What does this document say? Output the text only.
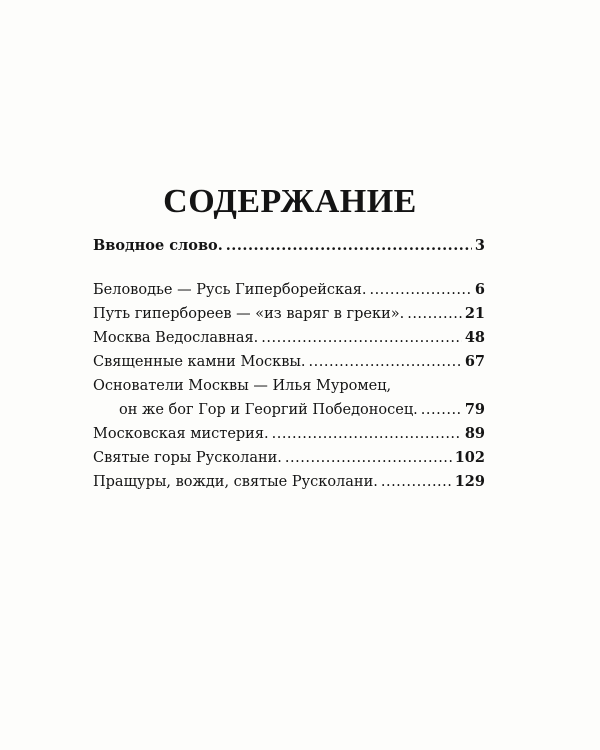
СОДЕРЖАНИЕ
Вводное слово. .....	3
Беловодье — Русь Гиперборейская. .....	6
Путь гипербореев — «из варяг в греки». .....	21
Москва Ведославная. .....	48
Священные камни Москвы. .....	67
Основатели Москвы — Илья Муромец,
он же бог Гор и Георгий Победоносец. .....	79
Московская мистерия. .....	89
Святые горы Русколани. .....	102
Пращуры, вожди, святые Русколани. .....	129
